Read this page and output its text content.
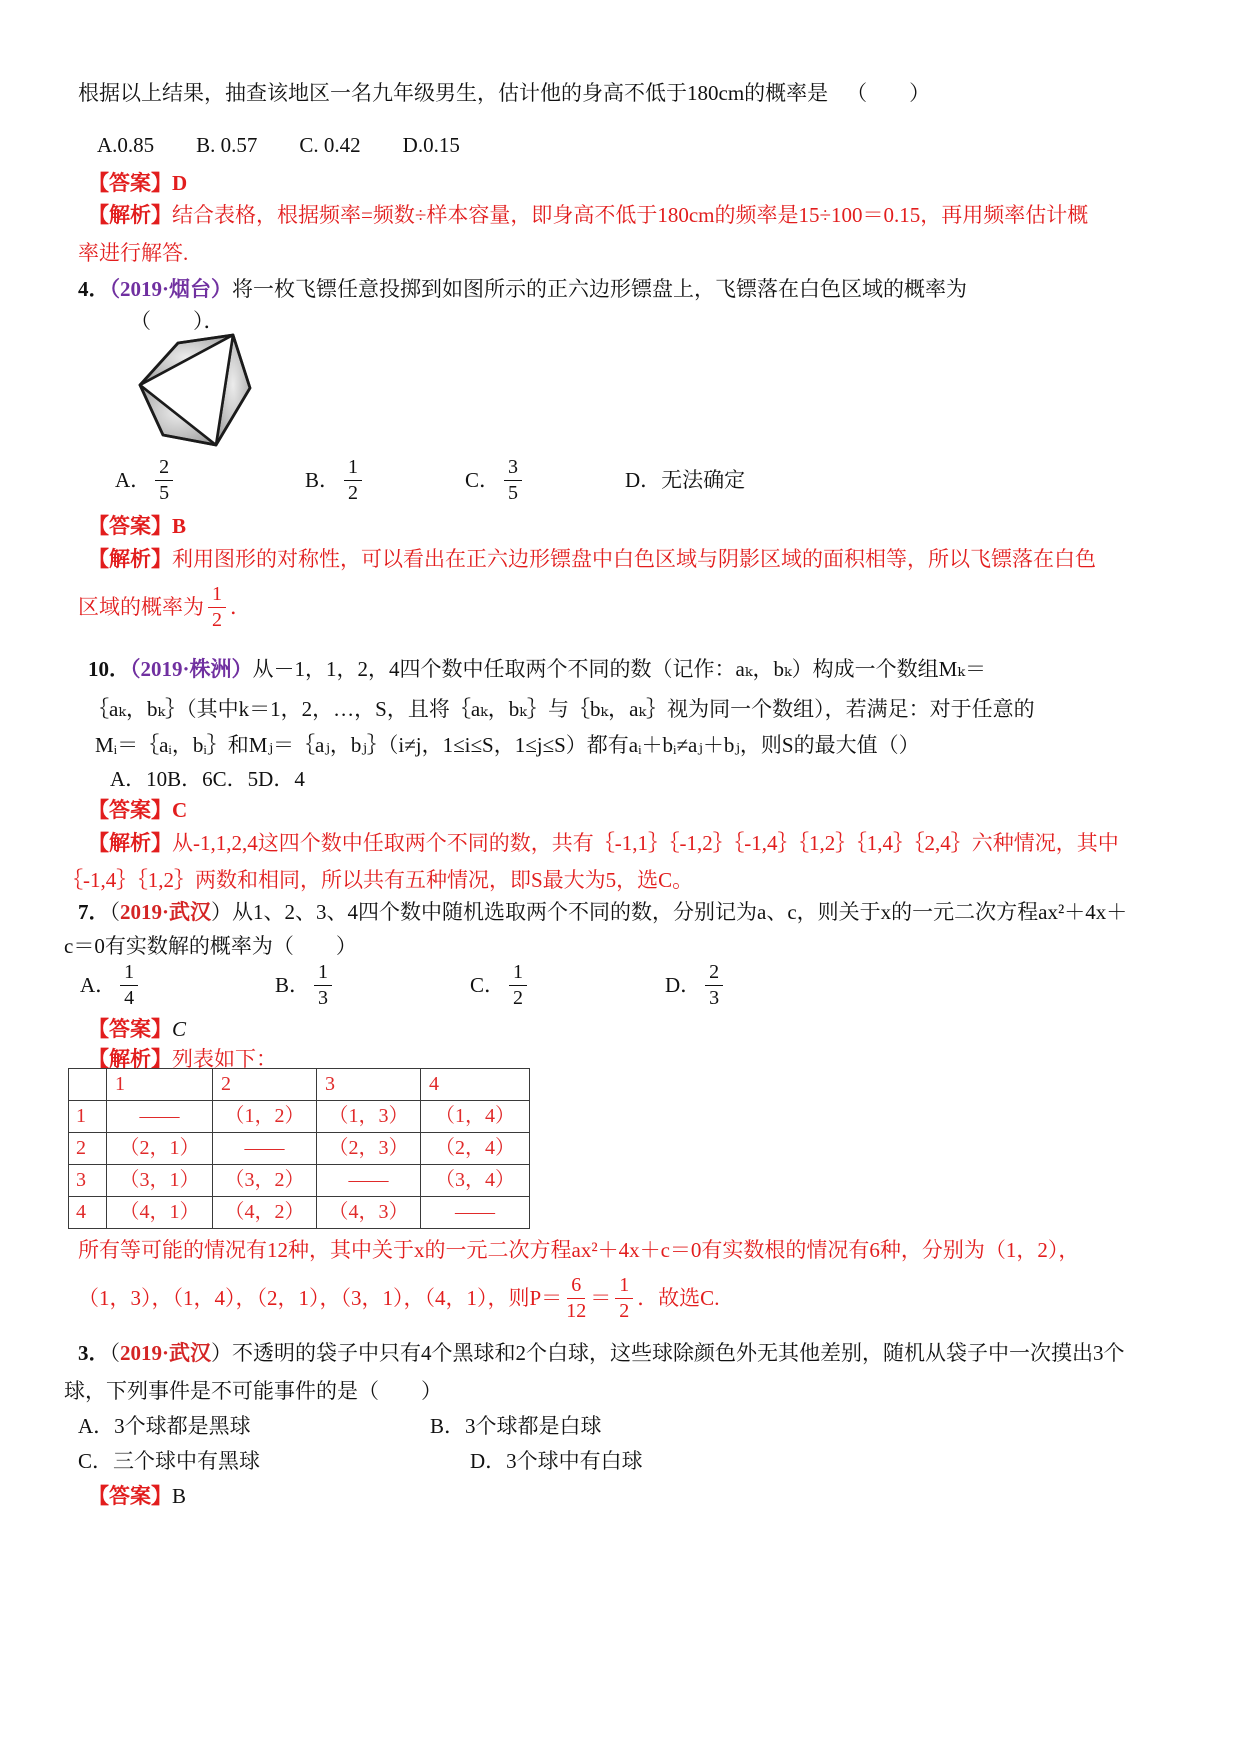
根据以上结果，抽查该地区一名九年级男生，估计他的身高不低于180cm的概率是 （　　）
A.0.85　　B. 0.57　　C. 0.42　　D.0.15
【答案】D
【解析】结合表格，根据频率=频数÷样本容量，即身高不低于180cm的频率是15÷100＝0.15，再用频率估计概
率进行解答.
4．（2019·烟台）将一枚飞镖任意投掷到如图所示的正六边形镖盘上，飞镖落在白色区域的概率为
（　　）．
A． $\frac{2}{5}$	B． $\frac{1}{2}$	C． $\frac{3}{5}$	D． 无法确定
【答案】B
【解析】利用图形的对称性，可以看出在正六边形镖盘中白色区域与阴影区域的面积相等，所以飞镖落在白色
区域的概率为 $\frac{1}{2}$ ．
10．（2019·株洲）从－1，1，2，4四个数中任取两个不同的数（记作：aₖ，bₖ）构成一个数组Mₖ＝
｛aₖ，bₖ｝（其中k＝1，2，…，S，且将｛aₖ，bₖ｝与｛bₖ，aₖ｝视为同一个数组），若满足：对于任意的
Mᵢ＝｛aᵢ，bᵢ｝和Mⱼ＝｛aⱼ，bⱼ｝（i≠j，1≤i≤S，1≤j≤S）都有aᵢ＋bᵢ≠aⱼ＋bⱼ，则S的最大值（）
A．10B．6C．5D．4
【答案】C
【解析】从-1,1,2,4这四个数中任取两个不同的数，共有｛-1,1｝｛-1,2｝｛-1,4｝｛1,2｝｛1,4｝｛2,4｝六种情况，其中
｛-1,4｝｛1,2｝两数和相同，所以共有五种情况，即S最大为5，选C。
7．（2019·武汉）从1、2、3、4四个数中随机选取两个不同的数，分别记为a、c，则关于x的一元二次方程ax²＋4x＋
c＝0有实数解的概率为（　　）
A． $\frac{1}{4}$	B． $\frac{1}{3}$	C． $\frac{1}{2}$	D． $\frac{2}{3}$
【答案】C
【解析】列表如下：
	1	2	3	4
1	——	（1，2）	（1，3）	（1，4）
2	（2，1）	——	（2，3）	（2，4）
3	（3，1）	（3，2）	——	（3，4）
4	（4，1）	（4，2）	（4，3）	——
所有等可能的情况有12种，其中关于x的一元二次方程ax²＋4x＋c＝0有实数根的情况有6种，分别为（1，2），
（1，3），（1，4），（2，1），（3，1），（4，1），则$P= \frac{6}{12} = \frac{1}{2}$ ．故选C.
3．（2019·武汉）不透明的袋子中只有4个黑球和2个白球，这些球除颜色外无其他差别，随机从袋子中一次摸出3个
球，下列事件是不可能事件的是（　　）
A．3个球都是黑球	B．3个球都是白球
C．三个球中有黑球	D．3个球中有白球
【答案】B
